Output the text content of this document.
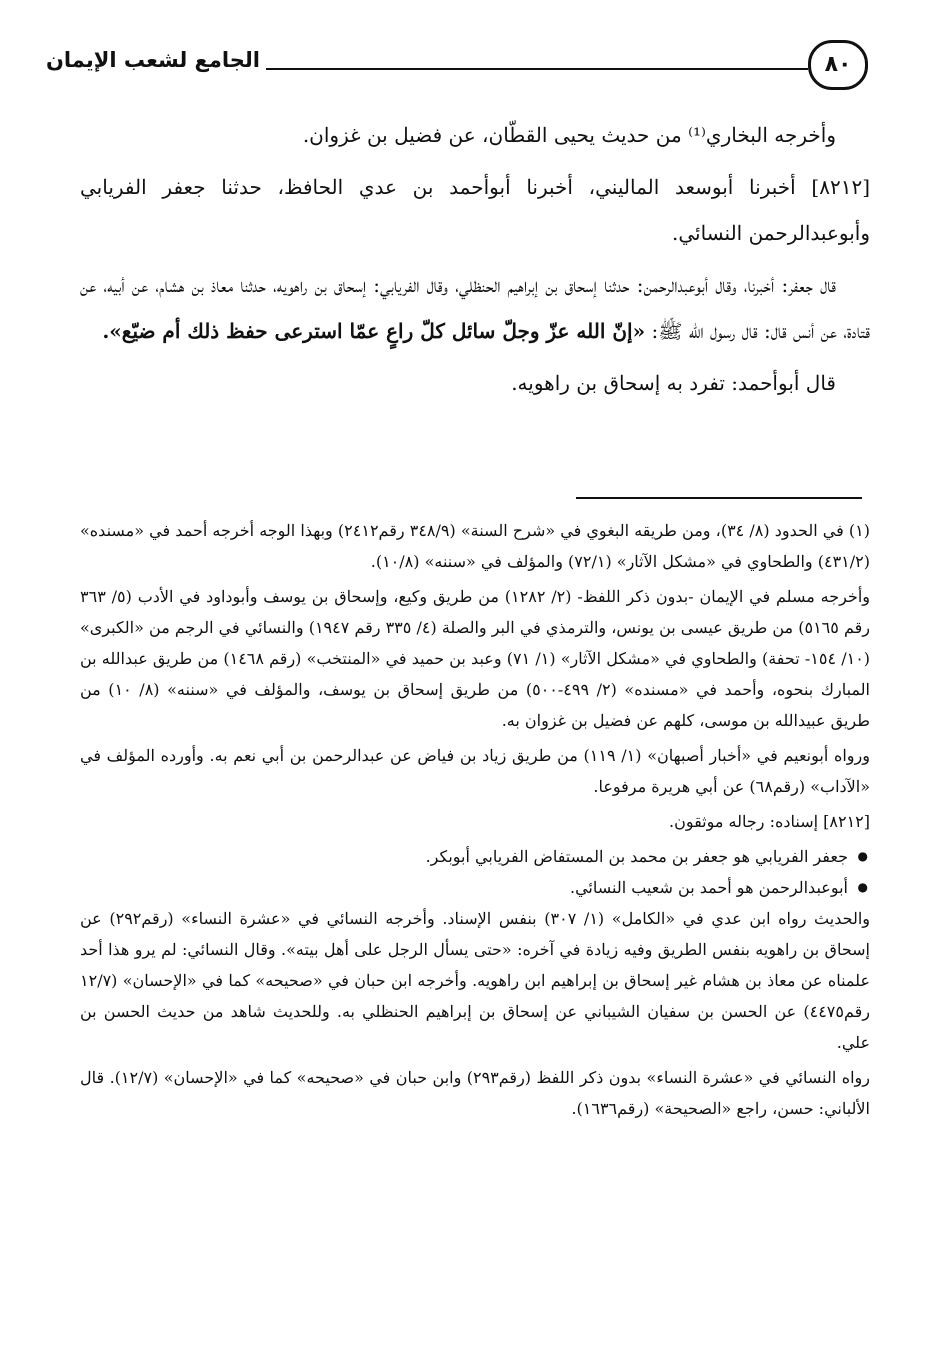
الجامع لشعب الإيمان	٨٠

وأخرجه البخاري⁽¹⁾ من حديث يحيى القطّان، عن فضيل بن غزوان.

[٨٢١٢] أخبرنا أبوسعد الماليني، أخبرنا أبوأحمد بن عدي الحافظ، حدثنا جعفر الفريابي وأبوعبدالرحمن النسائي.

قال جعفر: أخبرنا، وقال أبوعبدالرحمن: حدثنا إسحاق بن إبراهيم الحنظلي، وقال الفريابي: إسحاق بن راهويه، حدثنا معاذ بن هشام، عن أبيه، عن قتادة، عن أنس قال: قال رسول الله ﷺ: «إنّ الله عزّ وجلّ سائل كلّ راعٍ عمّا استرعى حفظ ذلك أم ضيّع».

قال أبوأحمد: تفرد به إسحاق بن راهويه.

(١) في الحدود (٨/ ٣٤)، ومن طريقه البغوي في «شرح السنة» (٣٤٨/٩ رقم٢٤١٢) وبهذا الوجه أخرجه أحمد في «مسنده» (٤٣١/٢) والطحاوي في «مشكل الآثار» (٧٢/١) والمؤلف في «سننه» (١٠/٨).

وأخرجه مسلم في الإيمان -بدون ذكر اللفظ- (٢/ ١٢٨٢) من طريق وكيع، وإسحاق بن يوسف وأبوداود في الأدب (٥/ ٣٦٣ رقم ٥١٦٥) من طريق عيسى بن يونس، والترمذي في البر والصلة (٤/ ٣٣٥ رقم ١٩٤٧) والنسائي في الرجم من «الكبرى» (١٠/ ١٥٤- تحفة) والطحاوي في «مشكل الآثار» (١/ ٧١) وعبد بن حميد في «المنتخب» (رقم ١٤٦٨) من طريق عبدالله بن المبارك بنحوه، وأحمد في «مسنده» (٢/ ٤٩٩-٥٠٠) من طريق إسحاق بن يوسف، والمؤلف في «سننه» (٨/ ١٠) من طريق عبيدالله بن موسى، كلهم عن فضيل بن غزوان به.

ورواه أبونعيم في «أخبار أصبهان» (١/ ١١٩) من طريق زياد بن فياض عن عبدالرحمن بن أبي نعم به. وأورده المؤلف في «الآداب» (رقم٦٨) عن أبي هريرة مرفوعا.

[٨٢١٢] إسناده: رجاله موثقون.

● جعفر الفريابي هو جعفر بن محمد بن المستفاض الفريابي أبوبكر.
● أبوعبدالرحمن هو أحمد بن شعيب النسائي.

والحديث رواه ابن عدي في «الكامل» (١/ ٣٠٧) بنفس الإسناد. وأخرجه النسائي في «عشرة النساء» (رقم٢٩٢) عن إسحاق بن راهويه بنفس الطريق وفيه زيادة في آخره: «حتى يسأل الرجل على أهل بيته». وقال النسائي: لم يرو هذا أحد علمناه عن معاذ بن هشام غير إسحاق بن إبراهيم ابن راهويه. وأخرجه ابن حبان في «صحيحه» كما في «الإحسان» (١٢/٧ رقم٤٤٧٥) عن الحسن بن سفيان الشيباني عن إسحاق بن إبراهيم الحنظلي به. وللحديث شاهد من حديث الحسن بن علي.

رواه النسائي في «عشرة النساء» بدون ذكر اللفظ (رقم٢٩٣) وابن حبان في «صحيحه» كما في «الإحسان» (١٢/٧). قال الألباني: حسن، راجع «الصحيحة» (رقم١٦٣٦).
